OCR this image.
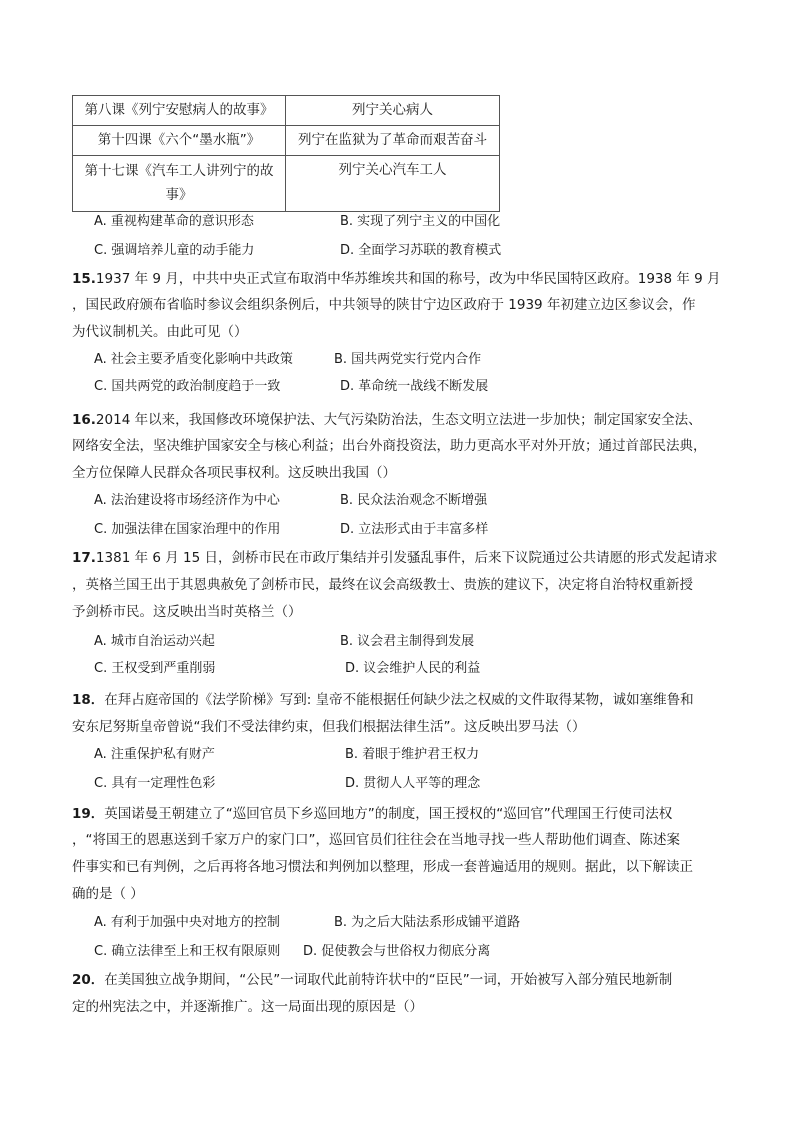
第八课《列宁安慰病人的故事》	列宁关心病人
第十四课《六个“墨水瓶”》	列宁在监狱为了革命而艰苦奋斗
第十七课《汽车工人讲列宁的故事》	列宁关心汽车工人
A. 重视构建革命的意识形态	B. 实现了列宁主义的中国化
C. 强调培养儿童的动手能力	D. 全面学习苏联的教育模式
15.1937 年 9 月，中共中央正式宣布取消中华苏维埃共和国的称号，改为中华民国特区政府。1938 年 9 月
，国民政府颁布省临时参议会组织条例后，中共领导的陕甘宁边区政府于 1939 年初建立边区参议会，作
为代议制机关。由此可见（）
A. 社会主要矛盾变化影响中共政策	B. 国共两党实行党内合作
C. 国共两党的政治制度趋于一致	D. 革命统一战线不断发展
16.2014 年以来，我国修改环境保护法、大气污染防治法，生态文明立法进一步加快；制定国家安全法、
网络安全法，坚决维护国家安全与核心利益；出台外商投资法，助力更高水平对外开放；通过首部民法典，
全方位保障人民群众各项民事权利。这反映出我国（）
A. 法治建设将市场经济作为中心	B. 民众法治观念不断增强
C. 加强法律在国家治理中的作用	D. 立法形式由于丰富多样
17.1381 年 6 月 15 日，剑桥市民在市政厅集结并引发骚乱事件，后来下议院通过公共请愿的形式发起请求
，英格兰国王出于其恩典赦免了剑桥市民，最终在议会高级教士、贵族的建议下，决定将自治特权重新授
予剑桥市民。这反映出当时英格兰（）
A. 城市自治运动兴起	B. 议会君主制得到发展
C. 王权受到严重削弱	D. 议会维护人民的利益
18．在拜占庭帝国的《法学阶梯》写到: 皇帝不能根据任何缺少法之权威的文件取得某物，诚如塞维鲁和
安东尼努斯皇帝曾说“我们不受法律约束，但我们根据法律生活”。这反映出罗马法（）
A. 注重保护私有财产	B. 着眼于维护君王权力
C. 具有一定理性色彩	D. 贯彻人人平等的理念
19．英国诺曼王朝建立了“巡回官员下乡巡回地方”的制度，国王授权的“巡回官”代理国王行使司法权
，“将国王的恩惠送到千家万户的家门口”，巡回官员们往往会在当地寻找一些人帮助他们调查、陈述案
件事实和已有判例，之后再将各地习惯法和判例加以整理，形成一套普遍适用的规则。据此，以下解读正
确的是（ ）
A. 有利于加强中央对地方的控制	B. 为之后大陆法系形成铺平道路
C. 确立法律至上和王权有限原则 D. 促使教会与世俗权力彻底分离
20．在美国独立战争期间，“公民”一词取代此前特许状中的“臣民”一词，开始被写入部分殖民地新制
定的州宪法之中，并逐渐推广。这一局面出现的原因是（）
